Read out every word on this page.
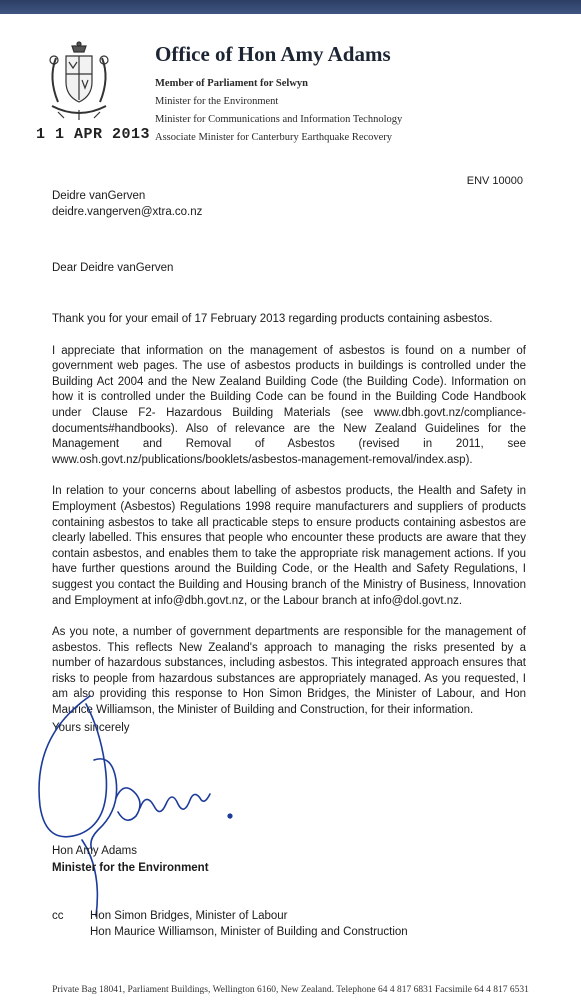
1 1 APR 2013
Office of Hon Amy Adams
Member of Parliament for Selwyn
Minister for the Environment
Minister for Communications and Information Technology
Associate Minister for Canterbury Earthquake Recovery
ENV 10000
Deidre vanGerven
deidre.vangerven@xtra.co.nz
Dear Deidre vanGerven

Thank you for your email of 17 February 2013 regarding products containing asbestos.

I appreciate that information on the management of asbestos is found on a number of government web pages. The use of asbestos products in buildings is controlled under the Building Act 2004 and the New Zealand Building Code (the Building Code). Information on how it is controlled under the Building Code can be found in the Building Code Handbook under Clause F2- Hazardous Building Materials (see www.dbh.govt.nz/compliance-documents#handbooks). Also of relevance are the New Zealand Guidelines for the Management and Removal of Asbestos (revised in 2011, see www.osh.govt.nz/publications/booklets/asbestos-management-removal/index.asp).

In relation to your concerns about labelling of asbestos products, the Health and Safety in Employment (Asbestos) Regulations 1998 require manufacturers and suppliers of products containing asbestos to take all practicable steps to ensure products containing asbestos are clearly labelled. This ensures that people who encounter these products are aware that they contain asbestos, and enables them to take the appropriate risk management actions. If you have further questions around the Building Code, or the Health and Safety Regulations, I suggest you contact the Building and Housing branch of the Ministry of Business, Innovation and Employment at info@dbh.govt.nz, or the Labour branch at info@dol.govt.nz.

As you note, a number of government departments are responsible for the management of asbestos. This reflects New Zealand's approach to managing the risks presented by a number of hazardous substances, including asbestos. This integrated approach ensures that risks to people from hazardous substances are appropriately managed. As you requested, I am also providing this response to Hon Simon Bridges, the Minister of Labour, and Hon Maurice Williamson, the Minister of Building and Construction, for their information.

Yours sincerely
Hon Amy Adams
Minister for the Environment
cc Hon Simon Bridges, Minister of Labour
Hon Maurice Williamson, Minister of Building and Construction
Private Bag 18041, Parliament Buildings, Wellington 6160, New Zealand. Telephone 64 4 817 6831 Facsimile 64 4 817 6531
